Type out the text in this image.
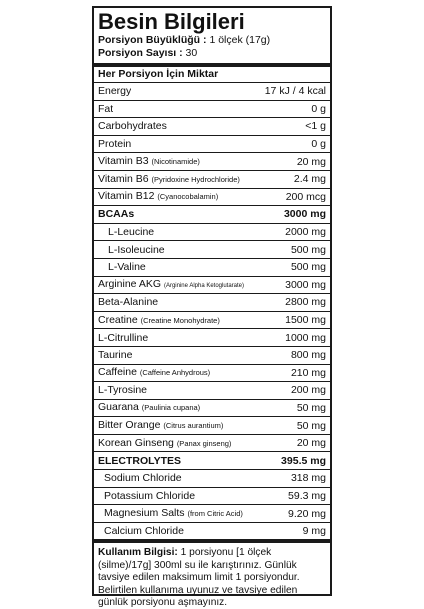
Besin Bilgileri
Porsiyon Büyüklüğü : 1 ölçek (17g)
Porsiyon Sayısı : 30
Her Porsiyon İçin Miktar
Energy	17 kJ / 4 kcal
Fat	0 g
Carbohydrates	<1 g
Protein	0 g
Vitamin B3 (Nicotinamide)	20 mg
Vitamin B6 (Pyridoxine Hydrochloride)	2.4 mg
Vitamin B12 (Cyanocobalamin)	200 mcg
BCAAs	3000 mg
L-Leucine	2000 mg
L-Isoleucine	500 mg
L-Valine	500 mg
Arginine AKG (Arginine Alpha Ketoglutarate)	3000 mg
Beta-Alanine	2800 mg
Creatine (Creatine Monohydrate)	1500 mg
L-Citrulline	1000 mg
Taurine	800 mg
Caffeine (Caffeine Anhydrous)	210 mg
L-Tyrosine	200 mg
Guarana (Paulinia cupana)	50 mg
Bitter Orange (Citrus aurantium)	50 mg
Korean Ginseng (Panax ginseng)	20 mg
ELECTROLYTES	395.5 mg
Sodium Chloride	318 mg
Potassium Chloride	59.3 mg
Magnesium Salts (from Citric Acid)	9.20 mg
Calcium Chloride	9 mg
Kullanım Bilgisi: 1 porsiyonu [1 ölçek (silme)/17g] 300ml su ile karıştırınız. Günlük tavsiye edilen maksimum limit 1 porsiyondur. Belirtilen kullanıma uyunuz ve tavsiye edilen günlük porsiyonu aşmayınız.
